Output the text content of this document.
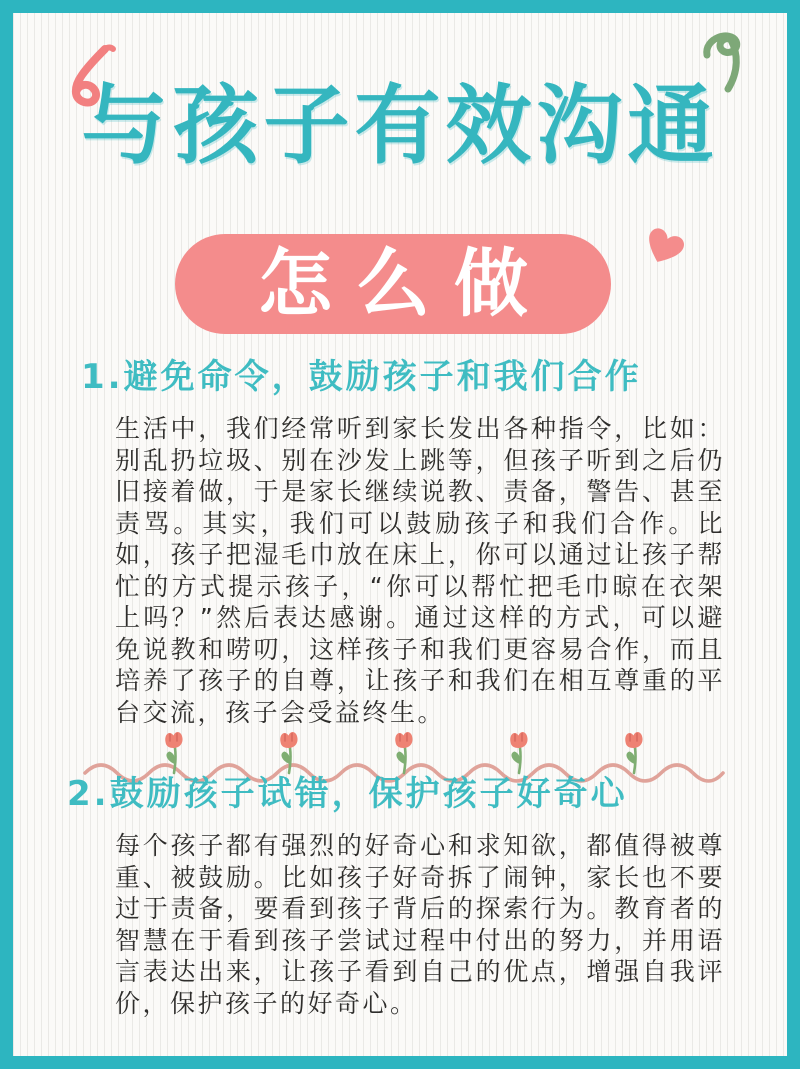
与孩子有效沟通
怎么做
1.避免命令，鼓励孩子和我们合作

生活中，我们经常听到家长发出各种指令，比如：别乱扔垃圾、别在沙发上跳等，但孩子听到之后仍旧接着做，于是家长继续说教、责备，警告、甚至责骂。其实，我们可以鼓励孩子和我们合作。比如，孩子把湿毛巾放在床上，你可以通过让孩子帮忙的方式提示孩子，“你可以帮忙把毛巾晾在衣架上吗？”然后表达感谢。通过这样的方式，可以避免说教和唠叨，这样孩子和我们更容易合作，而且培养了孩子的自尊，让孩子和我们在相互尊重的平台交流，孩子会受益终生。

2.鼓励孩子试错，保护孩子好奇心

每个孩子都有强烈的好奇心和求知欲，都值得被尊重、被鼓励。比如孩子好奇拆了闹钟，家长也不要过于责备，要看到孩子背后的探索行为。教育者的智慧在于看到孩子尝试过程中付出的努力，并用语言表达出来，让孩子看到自己的优点，增强自我评价，保护孩子的好奇心。
